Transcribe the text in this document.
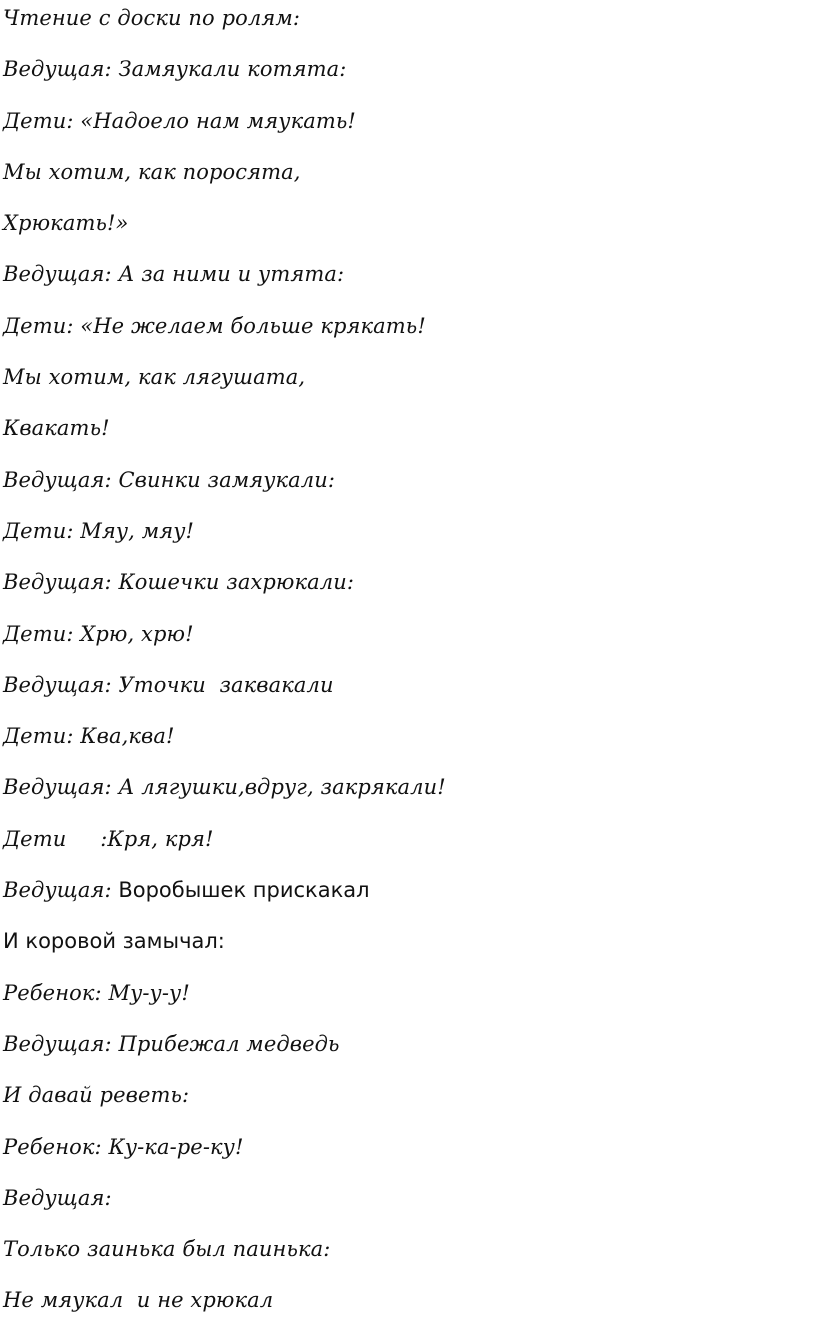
Чтение с доски по ролям:
Ведущая: Замяукали котята:
Дети: «Надоело нам мяукать!
Мы хотим, как поросята,
Хрюкать!»
Ведущая: А за ними и утята:
Дети: «Не желаем больше крякать!
Мы хотим, как лягушата,
Квакать!
Ведущая: Свинки замяукали:
Дети: Мяу, мяу!
Ведущая: Кошечки захрюкали:
Дети: Хрю, хрю!
Ведущая: Уточки  заквакали
Дети: Ква,ква!
Ведущая: А лягушки,вдруг, закрякали!
Дети     :Кря, кря!
Ведущая: Воробышек прискакал
И коровой замычал:
Ребенок: Му-у-у!
Ведущая: Прибежал медведь
И давай реветь:
Ребенок: Ку-ка-ре-ку!
Ведущая:
Только заинька был паинька:
Не мяукал  и не хрюкал
